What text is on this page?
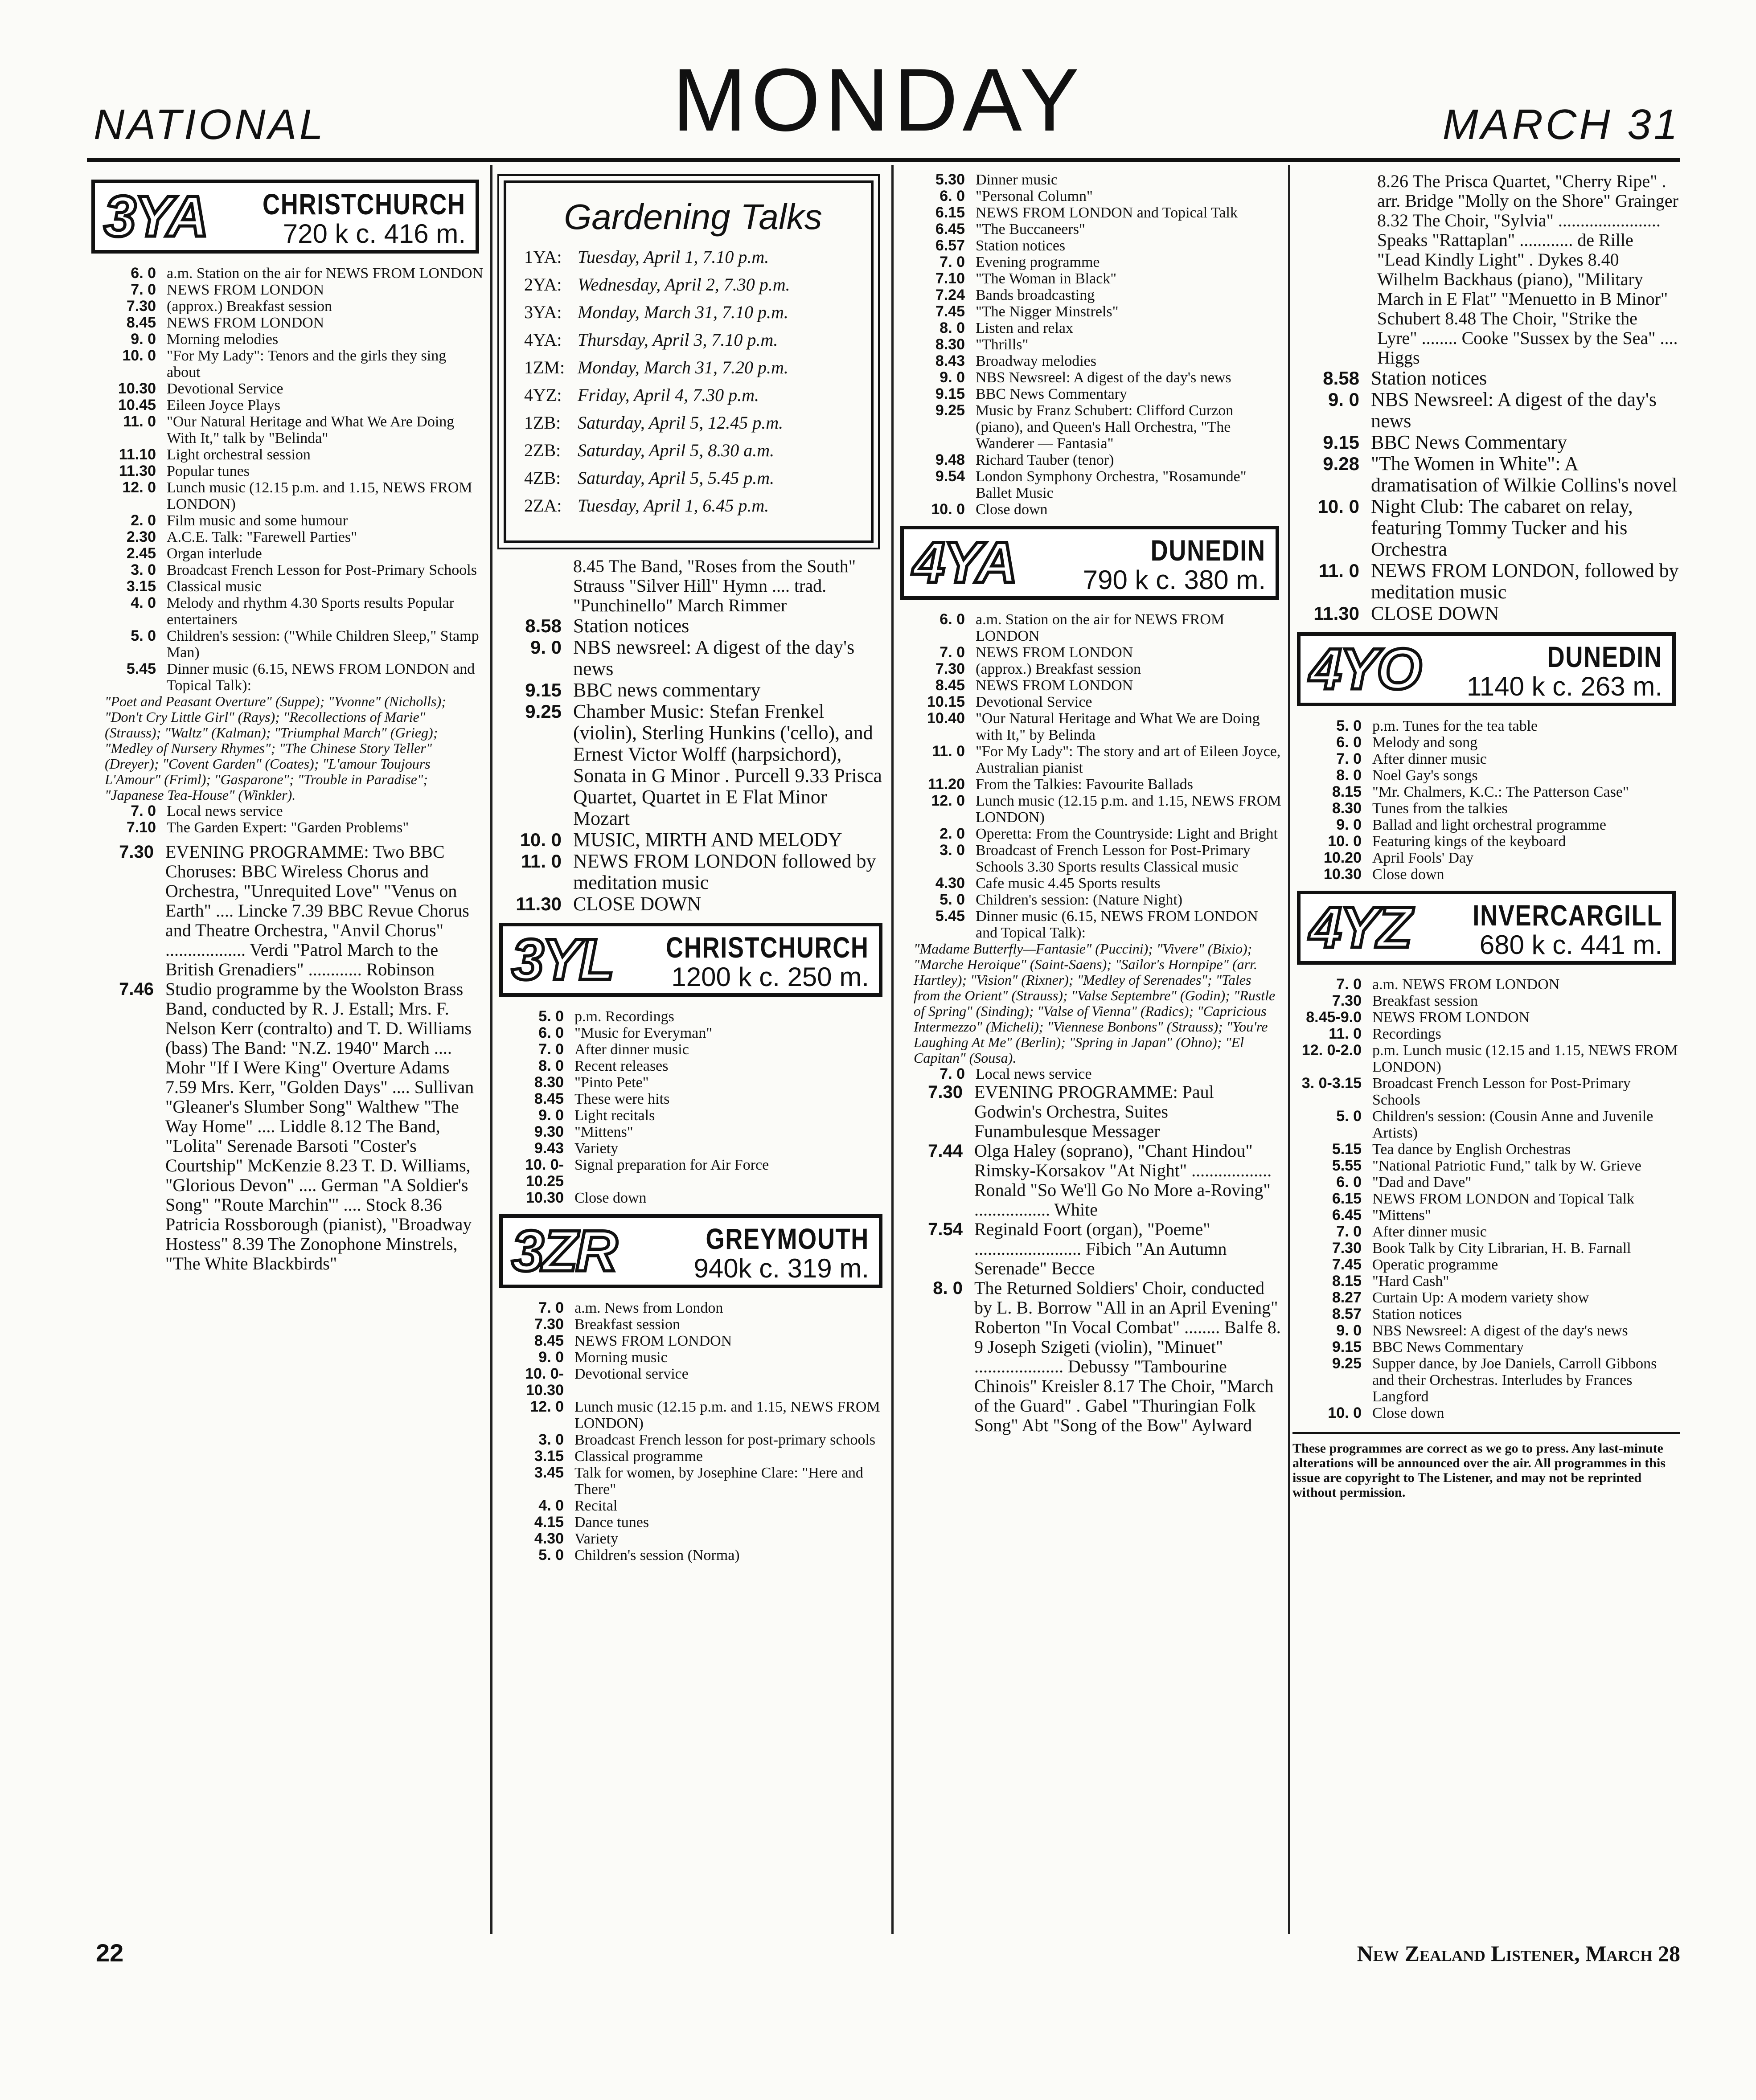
NATIONAL	MONDAY	MARCH 31
3YA CHRISTCHURCH
720 k c. 416 m.
6. 0 a.m. Station on the air for NEWS FROM LONDON
7. 0 NEWS FROM LONDON
7.30 (approx.) Breakfast session
8.45 NEWS FROM LONDON
9. 0 Morning melodies
10. 0 "For My Lady": Tenors and the girls they sing about
10.30 Devotional Service
10.45 Eileen Joyce Plays
11. 0 "Our Natural Heritage and What We Are Doing With It," talk by "Belinda"
11.10 Light orchestral session
11.30 Popular tunes
12. 0 Lunch music (12.15 p.m. and 1.15, NEWS FROM LONDON)
2. 0 Film music and some humour
2.30 A.C.E. Talk: "Farewell Parties"
2.45 Organ interlude
3. 0 Broadcast French Lesson for Post-Primary Schools
3.15 Classical music
4. 0 Melody and rhythm 4.30 Sports results Popular entertainers
5. 0 Children's session: ("While Children Sleep," Stamp Man)
5.45 Dinner music (6.15, NEWS FROM LONDON and Topical Talk):
"Poet and Peasant Overture" (Suppe); "Yvonne" (Nicholls); "Don't Cry Little Girl" (Rays); "Recollections of Marie" (Strauss); "Waltz" (Kalman); "Triumphal March" (Grieg); "Medley of Nursery Rhymes"; "The Chinese Story Teller" (Dreyer); "Covent Garden" (Coates); "L'amour Toujours L'Amour" (Friml); "Gasparone"; "Trouble in Paradise"; "Japanese Tea-House" (Winkler).
7. 0 Local news service
7.10 The Garden Expert: "Garden Problems"
7.30 EVENING PROGRAMME: Two BBC Choruses: BBC Wireless Chorus and Orchestra, "Unrequited Love" "Venus on Earth" .... Lincke 7.39 BBC Revue Chorus and Theatre Orchestra, "Anvil Chorus" .................. Verdi "Patrol March to the British Grenadiers" ............ Robinson
7.46 Studio programme by the Woolston Brass Band, conducted by R. J. Estall; Mrs. F. Nelson Kerr (contralto) and T. D. Williams (bass) The Band: "N.Z. 1940" March .... Mohr "If I Were King" Overture Adams 7.59 Mrs. Kerr, "Golden Days" .... Sullivan "Gleaner's Slumber Song" Walthew "The Way Home" .... Liddle 8.12 The Band, "Lolita" Serenade Barsoti "Coster's Courtship" McKenzie 8.23 T. D. Williams, "Glorious Devon" .... German "A Soldier's Song" "Route Marchin'" .... Stock 8.36 Patricia Rossborough (pianist), "Broadway Hostess" 8.39 The Zonophone Minstrels, "The White Blackbirds"
Gardening Talks
1YA: Tuesday, April 1, 7.10 p.m.
2YA: Wednesday, April 2, 7.30 p.m.
3YA: Monday, March 31, 7.10 p.m.
4YA: Thursday, April 3, 7.10 p.m.
1ZM: Monday, March 31, 7.20 p.m.
4YZ: Friday, April 4, 7.30 p.m.
1ZB: Saturday, April 5, 12.45 p.m.
2ZB: Saturday, April 5, 8.30 a.m.
4ZB: Saturday, April 5, 5.45 p.m.
2ZA: Tuesday, April 1, 6.45 p.m.
8.45 The Band, "Roses from the South" Strauss "Silver Hill" Hymn .... trad. "Punchinello" March Rimmer
8.58 Station notices
9. 0 NBS newsreel: A digest of the day's news
9.15 BBC news commentary
9.25 Chamber Music: Stefan Frenkel (violin), Sterling Hunkins ('cello), and Ernest Victor Wolff (harpsichord), Sonata in G Minor . Purcell 9.33 Prisca Quartet, Quartet in E Flat Minor Mozart
10. 0 MUSIC, MIRTH AND MELODY
11. 0 NEWS FROM LONDON followed by meditation music
11.30 CLOSE DOWN
3YL CHRISTCHURCH
1200 k c. 250 m.
5. 0 p.m. Recordings
6. 0 "Music for Everyman"
7. 0 After dinner music
8. 0 Recent releases
8.30 "Pinto Pete"
8.45 These were hits
9. 0 Light recitals
9.30 "Mittens"
9.43 Variety
10. 0-10.25
Signal preparation for Air Force
10.30 Close down
3ZR	GREYMOUTH
940k c. 319 m.
7. 0 a.m. News from London
7.30 Breakfast session
8.45 NEWS FROM LONDON
9. 0 Morning music
10. 0-10.30
Devotional service
12. 0 Lunch music (12.15 p.m. and 1.15, NEWS FROM LONDON)
3. 0 Broadcast French lesson for post-primary schools
3.15 Classical programme
3.45 Talk for women, by Josephine Clare: "Here and There"
4. 0 Recital
4.15 Dance tunes
4.30 Variety
5. 0 Children's session (Norma)
5.30 Dinner music
6. 0 "Personal Column"
6.15 NEWS FROM LONDON and Topical Talk
6.45 "The Buccaneers"
6.57 Station notices
7. 0 Evening programme
7.10 "The Woman in Black"
7.24 Bands broadcasting
7.45 "The Nigger Minstrels"
8. 0 Listen and relax
8.30 "Thrills"
8.43 Broadway melodies
9. 0 NBS Newsreel: A digest of the day's news
9.15 BBC News Commentary
9.25 Music by Franz Schubert: Clifford Curzon (piano), and Queen's Hall Orchestra, "The Wanderer — Fantasia"
9.48 Richard Tauber (tenor)
9.54 London Symphony Orchestra, "Rosamunde" Ballet Music
10. 0 Close down
4YA	DUNEDIN
790 k c. 380 m.
6. 0 a.m. Station on the air for NEWS FROM LONDON
7. 0 NEWS FROM LONDON
7.30 (approx.) Breakfast session
8.45 NEWS FROM LONDON
10.15 Devotional Service
10.40 "Our Natural Heritage and What We are Doing with It," by Belinda
11. 0 "For My Lady": The story and art of Eileen Joyce, Australian pianist
11.20 From the Talkies: Favourite Ballads
12. 0 Lunch music (12.15 p.m. and 1.15, NEWS FROM LONDON)
2. 0 Operetta: From the Countryside: Light and Bright
3. 0 Broadcast of French Lesson for Post-Primary Schools 3.30 Sports results Classical music
4.30 Cafe music 4.45 Sports results
5. 0 Children's session: (Nature Night)
5.45 Dinner music (6.15, NEWS FROM LONDON and Topical Talk):
"Madame Butterfly—Fantasie" (Puccini); "Vivere" (Bixio); "Marche Heroique" (Saint-Saens); "Sailor's Hornpipe" (arr. Hartley); "Vision" (Rixner); "Medley of Serenades"; "Tales from the Orient" (Strauss); "Valse Septembre" (Godin); "Rustle of Spring" (Sinding); "Valse of Vienna" (Radics); "Capricious Intermezzo" (Micheli); "Viennese Bonbons" (Strauss); "You're Laughing At Me" (Berlin); "Spring in Japan" (Ohno); "El Capitan" (Sousa).
7. 0 Local news service
7.30 EVENING PROGRAMME: Paul Godwin's Orchestra, Suites Funambulesque Messager
7.44 Olga Haley (soprano), "Chant Hindou" Rimsky-Korsakov "At Night" .................. Ronald "So We'll Go No More a-Roving" ................. White
7.54 Reginald Foort (organ), "Poeme" ........................ Fibich "An Autumn Serenade" Becce
8. 0 The Returned Soldiers' Choir, conducted by L. B. Borrow "All in an April Evening" Roberton "In Vocal Combat" ........ Balfe 8. 9 Joseph Szigeti (violin), "Minuet" .................... Debussy "Tambourine Chinois" Kreisler 8.17 The Choir, "March of the Guard" . Gabel "Thuringian Folk Song" Abt "Song of the Bow" Aylward
8.26 The Prisca Quartet, "Cherry Ripe" . arr. Bridge "Molly on the Shore" Grainger 8.32 The Choir, "Sylvia" ....................... Speaks "Rattaplan" ............ de Rille "Lead Kindly Light" . Dykes 8.40 Wilhelm Backhaus (piano), "Military March in E Flat" "Menuetto in B Minor" Schubert 8.48 The Choir, "Strike the Lyre" ........ Cooke "Sussex by the Sea" .... Higgs
8.58 Station notices
9. 0 NBS Newsreel: A digest of the day's news
9.15 BBC News Commentary
9.28 "The Women in White": A dramatisation of Wilkie Collins's novel
10. 0 Night Club: The cabaret on relay, featuring Tommy Tucker and his Orchestra
11. 0 NEWS FROM LONDON, followed by meditation music
11.30 CLOSE DOWN
4YO	DUNEDIN
1140 k c. 263 m.
5. 0 p.m. Tunes for the tea table
6. 0 Melody and song
7. 0 After dinner music
8. 0 Noel Gay's songs
8.15 "Mr. Chalmers, K.C.: The Patterson Case"
8.30 Tunes from the talkies
9. 0 Ballad and light orchestral programme
10. 0 Featuring kings of the keyboard
10.20 April Fools' Day
10.30 Close down
4YZ INVERCARGILL
680 k c. 441 m.
7. 0 a.m. NEWS FROM LONDON
7.30 Breakfast session
8.45-9.0 NEWS FROM LONDON
11. 0 Recordings
12. 0-2.0 p.m. Lunch music (12.15 and 1.15, NEWS FROM LONDON)
3. 0-3.15 Broadcast French Lesson for Post-Primary Schools
5. 0 Children's session: (Cousin Anne and Juvenile Artists)
5.15 Tea dance by English Orchestras
5.55 "National Patriotic Fund," talk by W. Grieve
6. 0 "Dad and Dave"
6.15 NEWS FROM LONDON and Topical Talk
6.45 "Mittens"
7. 0 After dinner music
7.30 Book Talk by City Librarian, H. B. Farnall
7.45 Operatic programme
8.15 "Hard Cash"
8.27 Curtain Up: A modern variety show
8.57 Station notices
9. 0 NBS Newsreel: A digest of the day's news
9.15 BBC News Commentary
9.25 Supper dance, by Joe Daniels, Carroll Gibbons and their Orchestras. Interludes by Frances Langford
10. 0 Close down
These programmes are correct as we go to press. Any last-minute alterations will be announced over the air. All programmes in this issue are copyright to The Listener, and may not be reprinted without permission.
22	New Zealand Listener, March 28
